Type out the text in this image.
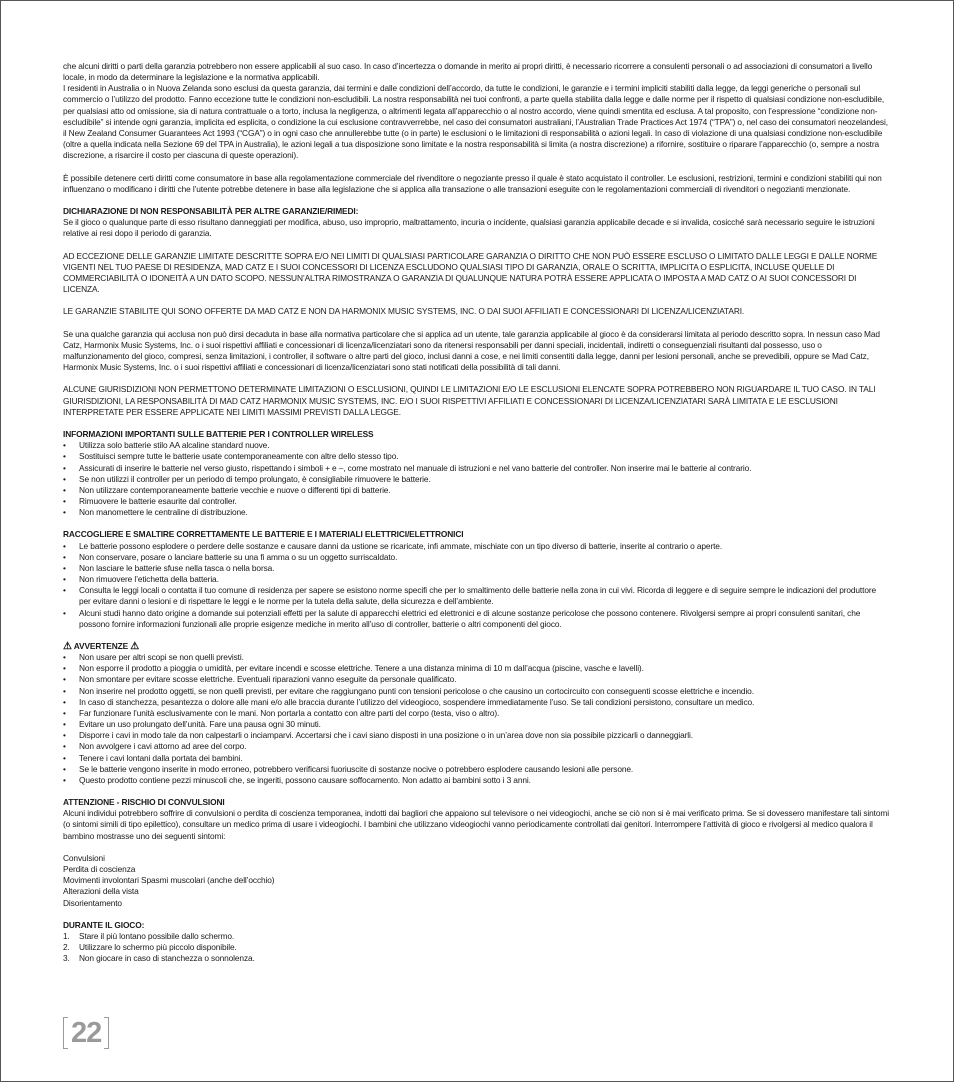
che alcuni diritti o parti della garanzia potrebbero non essere applicabili al suo caso. In caso d’incertezza o domande in merito ai propri diritti, è necessario ricorrere a consulenti personali o ad associazioni di consumatori a livello locale, in modo da determinare la legislazione e la normativa applicabili.

I residenti in Australia o in Nuova Zelanda sono esclusi da questa garanzia, dai termini e dalle condizioni dell’accordo, da tutte le condizioni, le garanzie e i termini impliciti stabiliti dalla legge, da leggi generiche o personali sul commercio o l’utilizzo del prodotto. Fanno eccezione tutte le condizioni non-escludibili. La nostra responsabilità nei tuoi confronti, a parte quella stabilita dalla legge e dalle norme per il rispetto di qualsiasi condizione non-escludibile, per qualsiasi atto od omissione, sia di natura contrattuale o a torto, inclusa la negligenza, o altrimenti legata all’apparecchio o al nostro accordo, viene quindi smentita ed esclusa. A tal proposito, con l’espressione “condizione non-escludibile” si intende ogni garanzia, implicita ed esplicita, o condizione la cui esclusione contravverrebbe, nel caso dei consumatori australiani, l’Australian Trade Practices Act 1974 (“TPA”) o, nel caso dei consumatori neozelandesi, il New Zealand Consumer Guarantees Act 1993 (“CGA”) o in ogni caso che annullerebbe tutte (o in parte) le esclusioni o le limitazioni di responsabilità o azioni legali. In caso di violazione di una qualsiasi condizione non-escludibile (oltre a quella indicata nella Sezione 69 del TPA in Australia), le azioni legali a tua disposizione sono limitate e la nostra responsabilità si limita (a nostra discrezione) a rifornire, sostituire o riparare l’apparecchio (o, sempre a nostra discrezione, a risarcire il costo per ciascuna di queste operazioni).

È possibile detenere certi diritti come consumatore in base alla regolamentazione commerciale del rivenditore o negoziante presso il quale è stato acquistato il controller. Le esclusioni, restrizioni, termini e condizioni stabiliti qui non influenzano o modificano i diritti che l’utente potrebbe detenere in base alla legislazione che si applica alla transazione o alle transazioni eseguite con le regolamentazioni commerciali di rivenditori o negozianti menzionate.

DICHIARAZIONE DI NON RESPONSABILITÀ PER ALTRE GARANZIE/RIMEDI:

Se il gioco o qualunque parte di esso risultano danneggiati per modifica, abuso, uso improprio, maltrattamento, incuria o incidente, qualsiasi garanzia applicabile decade e si invalida, cosicché sarà necessario seguire le istruzioni relative ai resi dopo il periodo di garanzia.

AD ECCEZIONE DELLE GARANZIE LIMITATE DESCRITTE SOPRA E/O NEI LIMITI DI QUALSIASI PARTICOLARE GARANZIA O DIRITTO CHE NON PUÒ ESSERE ESCLUSO O LIMITATO DALLE LEGGI E DALLE NORME VIGENTI NEL TUO PAESE DI RESIDENZA, MAD CATZ E I SUOI CONCESSORI DI LICENZA ESCLUDONO QUALSIASI TIPO DI GARANZIA, ORALE O SCRITTA, IMPLICITA O ESPLICITA, INCLUSE QUELLE DI COMMERCIABILITÀ O IDONEITÀ A UN DATO SCOPO. NESSUN’ALTRA RIMOSTRANZA O GARANZIA DI QUALUNQUE NATURA POTRÀ ESSERE APPLICATA O IMPOSTA A MAD CATZ O AI SUOI CONCESSORI DI LICENZA.

LE GARANZIE STABILITE QUI SONO OFFERTE DA MAD CATZ E NON DA HARMONIX MUSIC SYSTEMS, INC. O DAI SUOI AFFILIATI E CONCESSIONARI DI LICENZA/LICENZIATARI.

Se una qualche garanzia qui acclusa non può dirsi decaduta in base alla normativa particolare che si applica ad un utente, tale garanzia applicabile al gioco è da considerarsi limitata al periodo descritto sopra. In nessun caso Mad Catz, Harmonix Music Systems, Inc. o i suoi rispettivi affiliati e concessionari di licenza/licenziatari sono da ritenersi responsabili per danni speciali, incidentali, indiretti o conseguenziali risultanti dal possesso, uso o malfunzionamento del gioco, compresi, senza limitazioni, i controller, il software o altre parti del gioco, inclusi danni a cose, e nei limiti consentiti dalla legge, danni per lesioni personali, anche se prevedibili, oppure se Mad Catz, Harmonix Music Systems, Inc. o i suoi rispettivi affiliati e concessionari di licenza/licenziatari sono stati notificati della possibilità di tali danni.

ALCUNE GIURISDIZIONI NON PERMETTONO DETERMINATE LIMITAZIONI O ESCLUSIONI, QUINDI LE LIMITAZIONI E/O LE ESCLUSIONI ELENCATE SOPRA POTREBBERO NON RIGUARDARE IL TUO CASO. IN TALI GIURISDIZIONI, LA RESPONSABILITÀ DI MAD CATZ HARMONIX MUSIC SYSTEMS, INC. E/O I SUOI RISPETTIVI AFFILIATI E CONCESSIONARI DI LICENZA/LICENZIATARI SARÀ LIMITATA E LE ESCLUSIONI INTERPRETATE PER ESSERE APPLICATE NEI LIMITI MASSIMI PREVISTI DALLA LEGGE.

INFORMAZIONI IMPORTANTI SULLE BATTERIE PER I CONTROLLER WIRELESS

• Utilizza solo batterie stilo AA alcaline standard nuove.
• Sostituisci sempre tutte le batterie usate contemporaneamente con altre dello stesso tipo.
• Assicurati di inserire le batterie nel verso giusto, rispettando i simboli + e –, come mostrato nel manuale di istruzioni e nel vano batterie del controller. Non inserire mai le batterie al contrario.
• Se non utilizzi il controller per un periodo di tempo prolungato, è consigliabile rimuovere le batterie.
• Non utilizzare contemporaneamente batterie vecchie e nuove o differenti tipi di batterie.
• Rimuovere le batterie esaurite dal controller.
• Non manomettere le centraline di distribuzione.

RACCOGLIERE E SMALTIRE CORRETTAMENTE LE BATTERIE E I MATERIALI ELETTRICI/ELETTRONICI

• Le batterie possono esplodere o perdere delle sostanze e causare danni da ustione se ricaricate, infi ammate, mischiate con un tipo diverso di batterie, inserite al contrario o aperte.
• Non conservare, posare o lanciare batterie su una fi amma o su un oggetto surriscaldato.
• Non lasciare le batterie sfuse nella tasca o nella borsa.
• Non rimuovere l’etichetta della batteria.
• Consulta le leggi locali o contatta il tuo comune di residenza per sapere se esistono norme specifi che per lo smaltimento delle batterie nella zona in cui vivi. Ricorda di leggere e di seguire sempre le indicazioni del produttore per evitare danni o lesioni e di rispettare le leggi e le norme per la tutela della salute, della sicurezza e dell’ambiente.
• Alcuni studi hanno dato origine a domande sui potenziali effetti per la salute di apparecchi elettrici ed elettronici e di alcune sostanze pericolose che possono contenere. Rivolgersi sempre ai propri consulenti sanitari, che possono fornire informazioni funzionali alle proprie esigenze mediche in merito all’uso di controller, batterie o altri componenti del gioco.

⚠ AVVERTENZE ⚠

• Non usare per altri scopi se non quelli previsti.
• Non esporre il prodotto a pioggia o umidità, per evitare incendi e scosse elettriche. Tenere a una distanza minima di 10 m dall’acqua (piscine, vasche e lavelli).
• Non smontare per evitare scosse elettriche. Eventuali riparazioni vanno eseguite da personale qualificato.
• Non inserire nel prodotto oggetti, se non quelli previsti, per evitare che raggiungano punti con tensioni pericolose o che causino un cortocircuito con conseguenti scosse elettriche e incendio.
• In caso di stanchezza, pesantezza o dolore alle mani e/o alle braccia durante l’utilizzo del videogioco, sospendere immediatamente l’uso. Se tali condizioni persistono, consultare un medico.
• Far funzionare l’unità esclusivamente con le mani. Non portarla a contatto con altre parti del corpo (testa, viso o altro).
• Evitare un uso prolungato dell’unità. Fare una pausa ogni 30 minuti.
• Disporre i cavi in modo tale da non calpestarli o inciamparvi. Accertarsi che i cavi siano disposti in una posizione o in un’area dove non sia possibile pizzicarli o danneggiarli.
• Non avvolgere i cavi attorno ad aree del corpo.
• Tenere i cavi lontani dalla portata dei bambini.
• Se le batterie vengono inserite in modo erroneo, potrebbero verificarsi fuoriuscite di sostanze nocive o potrebbero esplodere causando lesioni alle persone.
• Questo prodotto contiene pezzi minuscoli che, se ingeriti, possono causare soffocamento. Non adatto ai bambini sotto i 3 anni.

ATTENZIONE - RISCHIO DI CONVULSIONI

Alcuni individui potrebbero soffrire di convulsioni o perdita di coscienza temporanea, indotti dai bagliori che appaiono sul televisore o nei videogiochi, anche se ciò non si è mai verificato prima. Se si dovessero manifestare tali sintomi (o sintomi simili di tipo epilettico), consultare un medico prima di usare i videogiochi. I bambini che utilizzano videogiochi vanno periodicamente controllati dai genitori. Interrompere l’attività di gioco e rivolgersi al medico qualora il bambino mostrasse uno dei seguenti sintomi:

Convulsioni

Perdita di coscienza

Movimenti involontari Spasmi muscolari (anche dell’occhio)

Alterazioni della vista

Disorientamento

DURANTE IL GIOCO:

1. Stare il più lontano possibile dallo schermo.
2. Utilizzare lo schermo più piccolo disponibile.
3. Non giocare in caso di stanchezza o sonnolenza.
22
